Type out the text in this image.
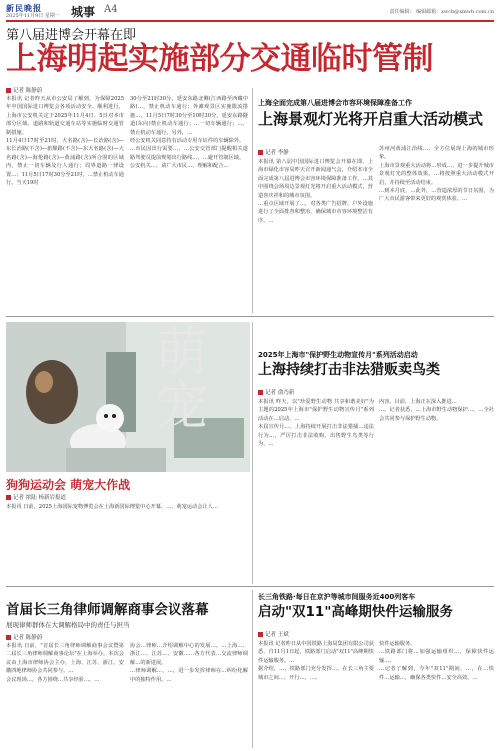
新民晚报
2025年11月9日 星期一 城事 A4	责任编辑： 编辑邮箱：xwcb@xmwb.com.cn
第八届进博会开幕在即
上海明起实施部分交通临时管制
记者 陈静蔚
本报讯 记者昨天从市公安局了解到，为保障2025年中国国际进口博览会各项活动安全、顺利进行，上海市公安机关定于2025年11月4日、5日对本市部分区域、道路和轨道交通车站等实施临时交通管制措施。
11月4日17时至21时，大名路(含)—长治路(含)—东长治路(不含)—旅顺路(不含)—东大名路(含)—大名路(含)—海伦路(含)—黄浦路(含)所合围的区域内，禁止一切车辆及行人通行；周界道路一律设置…；11月5日17时30分至21时，…禁止机动车通行。当天19时
30分至21时30分，延安东路北侧(江西路至西藏中路)…，禁止机动车通行；外滩观景区实施限流措施…，11月5日7时30分至10时30分，延安东路隧道(东向)禁止机动车通行；…一切车辆通行；…，禁止机动车通行。另外，…
经公安机关同意持有活动专用车证件的车辆除外。
…市民因出行需要…、…公安交管部门提醒相关道路驾驶员提前规划出行路线…，…避开管制区域。
公安机关…，请广大市民…、理解和配合…
上海全面完成第八届进博会市容环境保障准备工作
上海景观灯光将开启重大活动模式
记者 李静
本报讯 第八届中国国际进口博览会开幕在即。上海市绿化市容局昨天召开新闻通气会，介绍本市全面完成第八届进博会市容环境保障准备工作。…其中围绕会场周边景观灯光将开启重大活动模式，营造喜庆祥和的城市氛围。
…重点区域开展了…，对各类广告招牌、户外设施进行了全面排查和整治，确保城市市容环境整洁有序。…
苏州河黄浦江沿线…、全方位展现上海的城市形象。
上海市景观重大活动将…形成…，进一步提升城市景观灯光的整体效果。…将按照重大活动模式开启，并持续至活动结束。
…到本月底，…此外，…营造浓厚的节日氛围，为广大市民游客带来更好的观赏体验。…
萌宠
狗狗运动会 萌宠大作战
记者 浓陆 杨新岩报道
本报讯 日前，2025上海国际宠物博览会在上海新国际博览中心开幕。…，萌宠运动会让人…
2025年上海市"保护野生动物宣传月"系列活动启动
上海持续打击非法猎贩卖鸟类
记者 俞乃新
本报讯 昨天，以"珍爱野生动物 共享和谐美好"为主题的2025年上海市"保护野生动物宣传月"系列活动在…启动。…
本届宣传月…。上海持续开展打击非法猎捕…违法行为…，严厉打击非法收购、出售野生鸟类等行为，…
内容。目前，上海正在深入推进…
…。记者获悉，…上海市野生动物保护…，…全社会共同参与保护野生动物。
首届长三角律师调解商事会议落幕
展现律师群体在大调解格局中的责任与担当
记者 陈静蔚
本报讯 日前，"首届长三角律师调解商事会议暨第二届长三角律师调解商事论坛"在上海举办。本次会议由上海市律师协会主办，上海、江苏、浙江、安徽四地律师协会共同参与。…
会议现场…，各方围绕…共享经验…，…
协会…律师…介绍调解中心的发展…。…上海…、浙江…、江苏…、安徽……各方代表…交流律师调解…的新进展。
…律师调解…，…，进一步发挥律师在…纠纷化解中的独特作用。…
长三角铁路·每日在京沪等城市间服务近400列客车
启动"双11"高峰期快件运输服务
记者 王斌
本报讯 记者昨日从中国铁路上海局集团有限公司获悉，自11月1日起，铁路部门启动"双11"高峰期快件运输服务。…
据介绍，…，铁路部门充分发挥…，在长三角主要城市之间…，开行…，…。
快件运输服务。
…铁路部门将…加强运输组织…，保障快件运输…。
…记者了解到，今年"双11"期间，…，在…快件…运输…，确保各类快件…安全高效。…
